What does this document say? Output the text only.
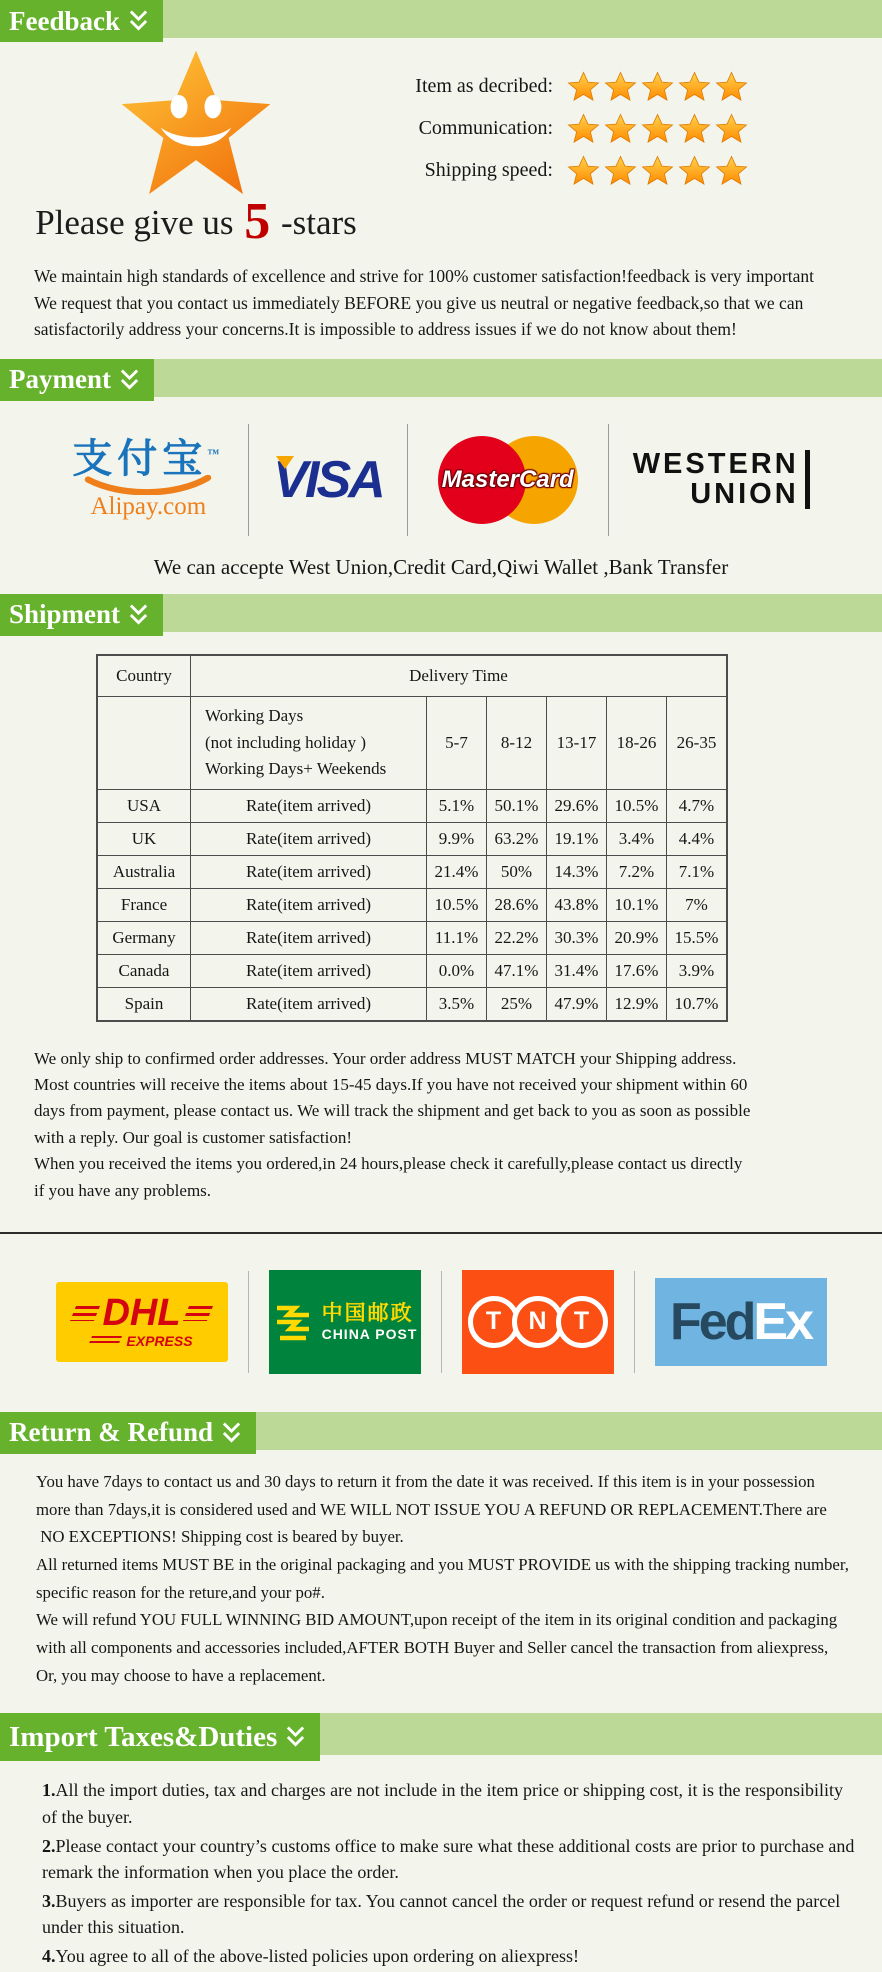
Feedback
Please give us 5 -stars
Item as decribed:
Communication:
Shipping speed:
We maintain high standards of excellence and strive for 100% customer satisfaction!feedback is very important
We request that you contact us immediately BEFORE you give us neutral or negative feedback,so that we can
satisfactorily address your concerns.It is impossible to address issues if we do not know about them!
Payment
支付宝™
Alipay.com VISA	MasterCard	WESTERN
UNION
We can accepte West Union,Credit Card,Qiwi Wallet ,Bank Transfer
Shipment
Country	Delivery Time					

	Working Days
(not including holiday )
Working Days+ Weekends	5-7	8-12	13-17	18-26	26-35
USA	Rate(item arrived)	5.1%	50.1%	29.6%	10.5%	4.7%
UK	Rate(item arrived)	9.9%	63.2%	19.1%	3.4%	4.4%
Australia	Rate(item arrived)	21.4%	50%	14.3%	7.2%	7.1%
France	Rate(item arrived)	10.5%	28.6%	43.8%	10.1%	7%
Germany	Rate(item arrived)	11.1%	22.2%	30.3%	20.9%	15.5%
Canada	Rate(item arrived)	0.0%	47.1%	31.4%	17.6%	3.9%
Spain	Rate(item arrived)	3.5%	25%	47.9%	12.9%	10.7%
We only ship to confirmed order addresses. Your order address MUST MATCH your Shipping address.
Most countries will receive the items about 15-45 days.If you have not received your shipment within 60
days from payment, please contact us. We will track the shipment and get back to you as soon as possible
with a reply. Our goal is customer satisfaction!
When you received the items you ordered,in 24 hours,please check it carefully,please contact us directly
if you have any problems.
DHL
EXPRESS
中国邮政
CHINA POST	T	N	T	Fed Ex
Return & Refund
You have 7days to contact us and 30 days to return it from the date it was received. If this item is in your possession
more than 7days,it is considered used and WE WILL NOT ISSUE YOU A REFUND OR REPLACEMENT.There are
NO EXCEPTIONS! Shipping cost is beared by buyer.
All returned items MUST BE in the original packaging and you MUST PROVIDE us with the shipping tracking number,
specific reason for the reture,and your po#.
We will refund YOU FULL WINNING BID AMOUNT,upon receipt of the item in its original condition and packaging
with all components and accessories included,AFTER BOTH Buyer and Seller cancel the transaction from aliexpress,
Or, you may choose to have a replacement.
Import Taxes&Duties
1.All the import duties, tax and charges are not include in the item price or shipping cost, it is the responsibility of the buyer.
2.Please contact your country’s customs office to make sure what these additional costs are prior to purchase and remark the information when you place the order.
3.Buyers as importer are responsible for tax. You cannot cancel the order or request refund or resend the parcel under this situation.
4.You agree to all of the above-listed policies upon ordering on aliexpress!
